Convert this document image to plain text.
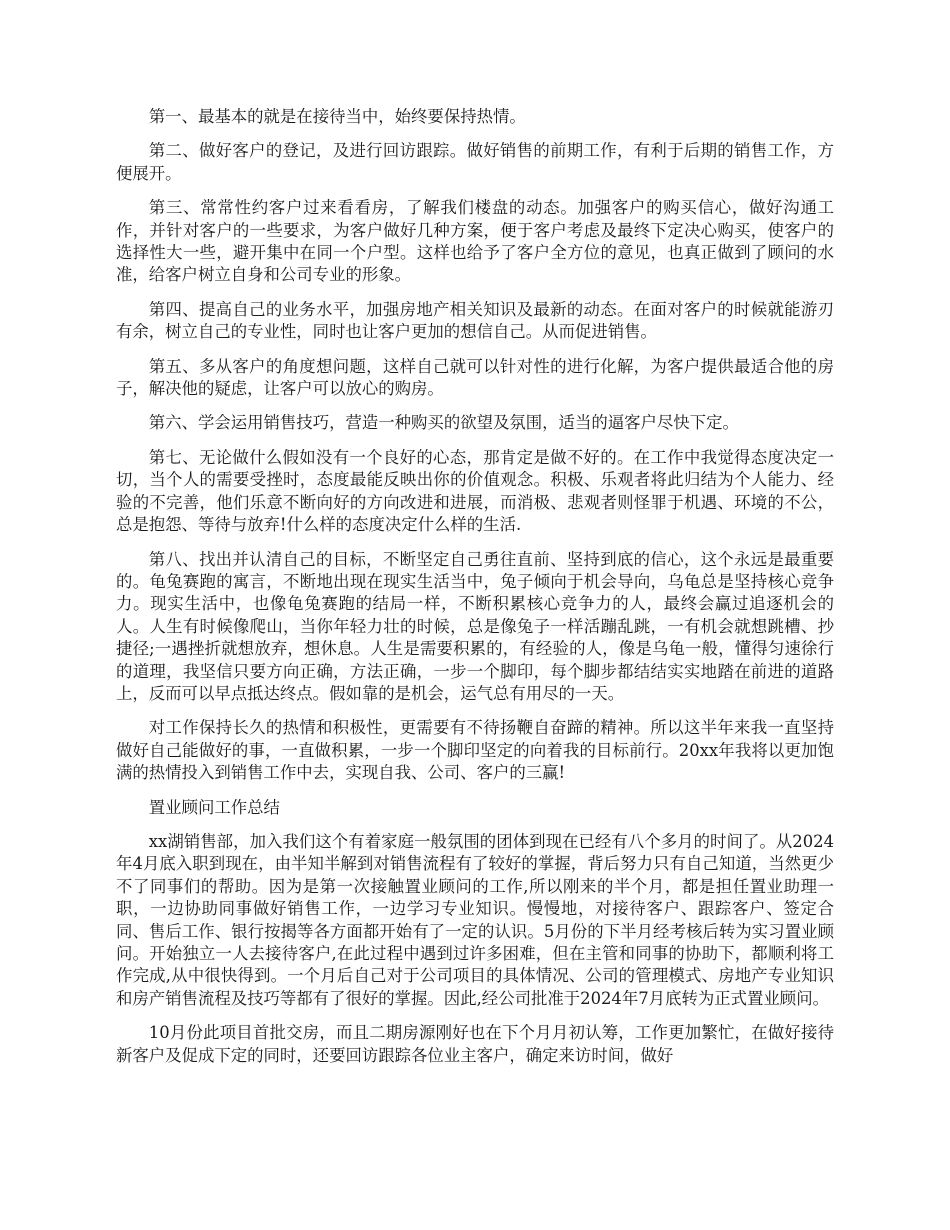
第一、最基本的就是在接待当中，始终要保持热情。

第二、做好客户的登记，及进行回访跟踪。做好销售的前期工作，有利于后期的销售工作，方便展开。

第三、常常性约客户过来看看房，了解我们楼盘的动态。加强客户的购买信心，做好沟通工作，并针对客户的一些要求，为客户做好几种方案，便于客户考虑及最终下定决心购买，使客户的选择性大一些，避开集中在同一个户型。这样也给予了客户全方位的意见，也真正做到了顾问的水准，给客户树立自身和公司专业的形象。

第四、提高自己的业务水平，加强房地产相关知识及最新的动态。在面对客户的时候就能游刃有余，树立自己的专业性，同时也让客户更加的想信自己。从而促进销售。

第五、多从客户的角度想问题，这样自己就可以针对性的进行化解，为客户提供最适合他的房子，解决他的疑虑，让客户可以放心的购房。

第六、学会运用销售技巧，营造一种购买的欲望及氛围，适当的逼客户尽快下定。

第七、无论做什么假如没有一个良好的心态，那肯定是做不好的。在工作中我觉得态度决定一切，当个人的需要受挫时，态度最能反映出你的价值观念。积极、乐观者将此归结为个人能力、经验的不完善，他们乐意不断向好的方向改进和进展，而消极、悲观者则怪罪于机遇、环境的不公，总是抱怨、等待与放弃!什么样的态度决定什么样的生活.

第八、找出并认清自己的目标，不断坚定自己勇往直前、坚持到底的信心，这个永远是最重要的。龟兔赛跑的寓言，不断地出现在现实生活当中，兔子倾向于机会导向，乌龟总是坚持核心竞争力。现实生活中，也像龟兔赛跑的结局一样，不断积累核心竞争力的人，最终会赢过追逐机会的人。人生有时候像爬山，当你年轻力壮的时候，总是像兔子一样活蹦乱跳，一有机会就想跳槽、抄捷径;一遇挫折就想放弃，想休息。人生是需要积累的，有经验的人，像是乌龟一般，懂得匀速徐行的道理，我坚信只要方向正确，方法正确，一步一个脚印，每个脚步都结结实实地踏在前进的道路上，反而可以早点抵达终点。假如靠的是机会，运气总有用尽的一天。

对工作保持长久的热情和积极性，更需要有不待扬鞭自奋蹄的精神。所以这半年来我一直坚持做好自己能做好的事，一直做积累，一步一个脚印坚定的向着我的目标前行。20xx年我将以更加饱满的热情投入到销售工作中去，实现自我、公司、客户的三赢!

置业顾问工作总结

xx湖销售部，加入我们这个有着家庭一般氛围的团体到现在已经有八个多月的时间了。从2024年4月底入职到现在，由半知半解到对销售流程有了较好的掌握，背后努力只有自己知道，当然更少不了同事们的帮助。因为是第一次接触置业顾问的工作,所以刚来的半个月，都是担任置业助理一职，一边协助同事做好销售工作，一边学习专业知识。慢慢地，对接待客户、跟踪客户、签定合同、售后工作、银行按揭等各方面都开始有了一定的认识。5月份的下半月经考核后转为实习置业顾问。开始独立一人去接待客户,在此过程中遇到过许多困难，但在主管和同事的协助下，都顺利将工作完成,从中很快得到。一个月后自己对于公司项目的具体情况、公司的管理模式、房地产专业知识和房产销售流程及技巧等都有了很好的掌握。因此,经公司批准于2024年7月底转为正式置业顾问。

10月份此项目首批交房，而且二期房源刚好也在下个月月初认筹，工作更加繁忙，在做好接待新客户及促成下定的同时，还要回访跟踪各位业主客户，确定来访时间，做好
